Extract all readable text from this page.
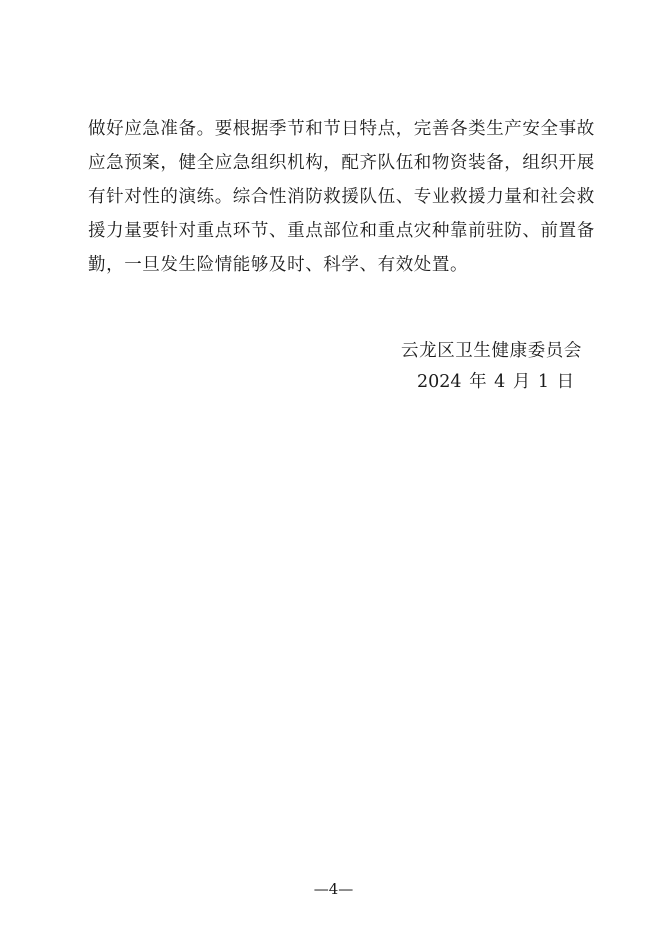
做好应急准备。要根据季节和节日特点，完善各类生产安全事故
应急预案，健全应急组织机构，配齐队伍和物资装备，组织开展
有针对性的演练。综合性消防救援队伍、专业救援力量和社会救
援力量要针对重点环节、重点部位和重点灾种靠前驻防、前置备
勤，一旦发生险情能够及时、科学、有效处置。
云龙区卫生健康委员会
2024 年 4 月 1 日
—4—
